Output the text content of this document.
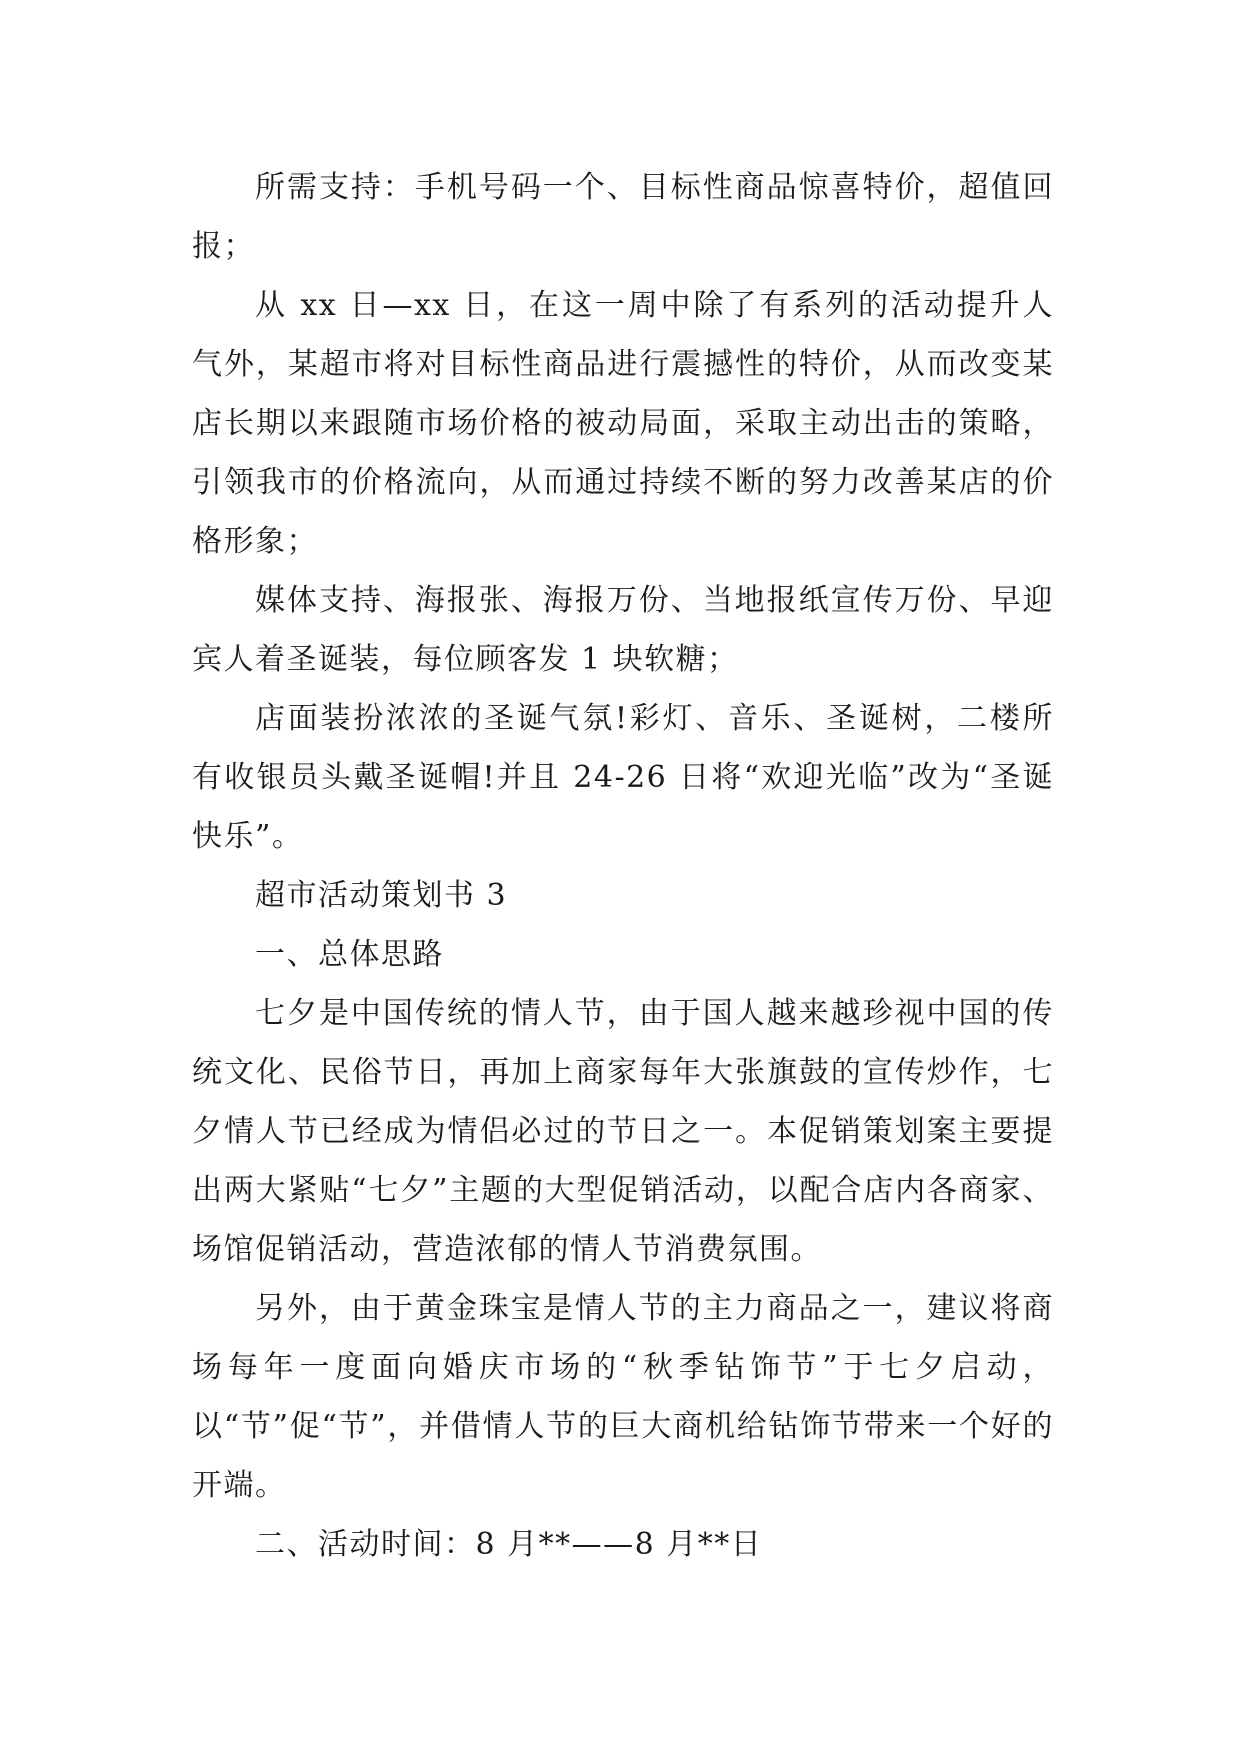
所需支持：手机号码一个、目标性商品惊喜特价，超值回报；

从 xx 日—xx 日，在这一周中除了有系列的活动提升人气外，某超市将对目标性商品进行震撼性的特价，从而改变某店长期以来跟随市场价格的被动局面，采取主动出击的策略，引领我市的价格流向，从而通过持续不断的努力改善某店的价格形象；

媒体支持、海报张、海报万份、当地报纸宣传万份、早迎宾人着圣诞装，每位顾客发 1 块软糖；

店面装扮浓浓的圣诞气氛!彩灯、音乐、圣诞树，二楼所有收银员头戴圣诞帽!并且 24-26 日将“欢迎光临”改为“圣诞快乐”。

超市活动策划书 3

一、总体思路

七夕是中国传统的情人节，由于国人越来越珍视中国的传统文化、民俗节日，再加上商家每年大张旗鼓的宣传炒作，七夕情人节已经成为情侣必过的节日之一。本促销策划案主要提出两大紧贴“七夕”主题的大型促销活动，以配合店内各商家、场馆促销活动，营造浓郁的情人节消费氛围。

另外，由于黄金珠宝是情人节的主力商品之一，建议将商场每年一度面向婚庆市场的“秋季钻饰节”于七夕启动，以“节”促“节”，并借情人节的巨大商机给钻饰节带来一个好的开端。

二、活动时间：8 月**——8 月**日
